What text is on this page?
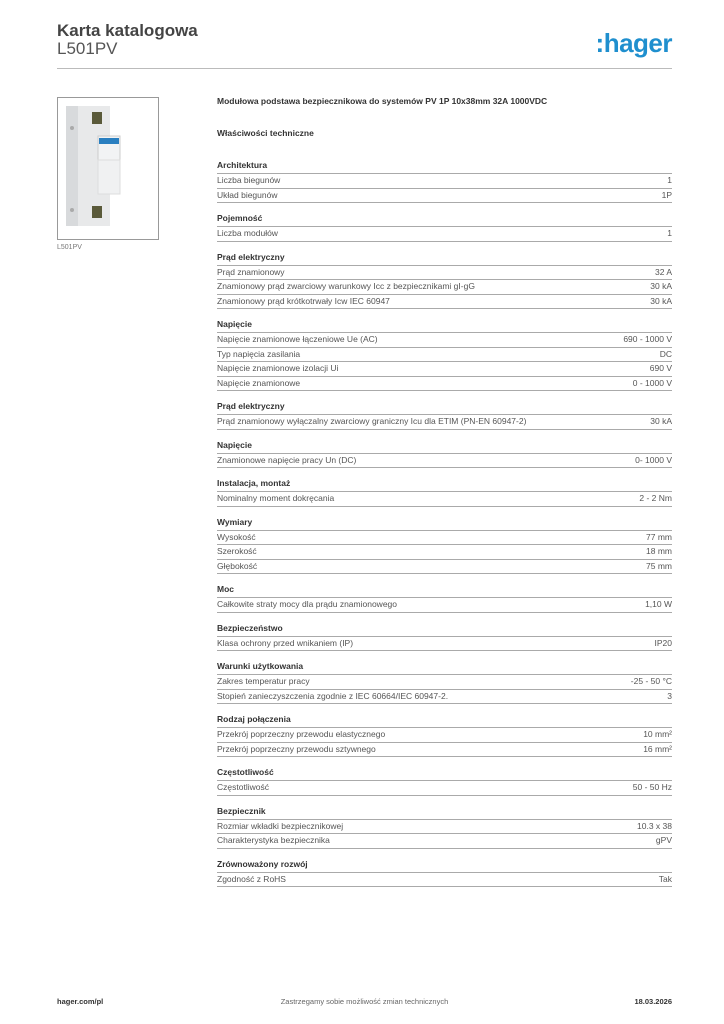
Karta katalogowa
L501PV	:hager
L501PV
Modułowa podstawa bezpiecznikowa do systemów PV 1P 10x38mm 32A 1000VDC
Właściwości techniczne
Architektura
Liczba biegunów	1
Układ biegunów	1P
Pojemność
Liczba modułów	1
Prąd elektryczny
Prąd znamionowy	32 A
Znamionowy prąd zwarciowy warunkowy Icc z bezpiecznikami gI-gG	30 kA
Znamionowy prąd krótkotrwały Icw IEC 60947	30 kA
Napięcie
Napięcie znamionowe łączeniowe Ue (AC)	690 - 1000 V
Typ napięcia zasilania	DC
Napięcie znamionowe izolacji Ui	690 V
Napięcie znamionowe	0 - 1000 V
Prąd elektryczny
Prąd znamionowy wyłączalny zwarciowy graniczny Icu dla ETIM (PN-EN 60947-2)	30 kA
Napięcie
Znamionowe napięcie pracy Un (DC)	0- 1000 V
Instalacja, montaż
Nominalny moment dokręcania	2 - 2 Nm
Wymiary
Wysokość	77 mm
Szerokość	18 mm
Głębokość	75 mm
Moc
Całkowite straty mocy dla prądu znamionowego	1,10 W
Bezpieczeństwo
Klasa ochrony przed wnikaniem (IP)	IP20
Warunki użytkowania
Zakres temperatur pracy	-25 - 50 °C
Stopień zanieczyszczenia zgodnie z IEC 60664/IEC 60947-2.	3
Rodzaj połączenia
Przekrój poprzeczny przewodu elastycznego	10 mm²
Przekrój poprzeczny przewodu sztywnego	16 mm²
Częstotliwość
Częstotliwość	50 - 50 Hz
Bezpiecznik
Rozmiar wkładki bezpiecznikowej	10.3 x 38
Charakterystyka bezpiecznika	gPV
Zrównoważony rozwój
Zgodność z RoHS	Tak
hager.com/pl	Zastrzegamy sobie możliwość zmian technicznych	18.03.2026
